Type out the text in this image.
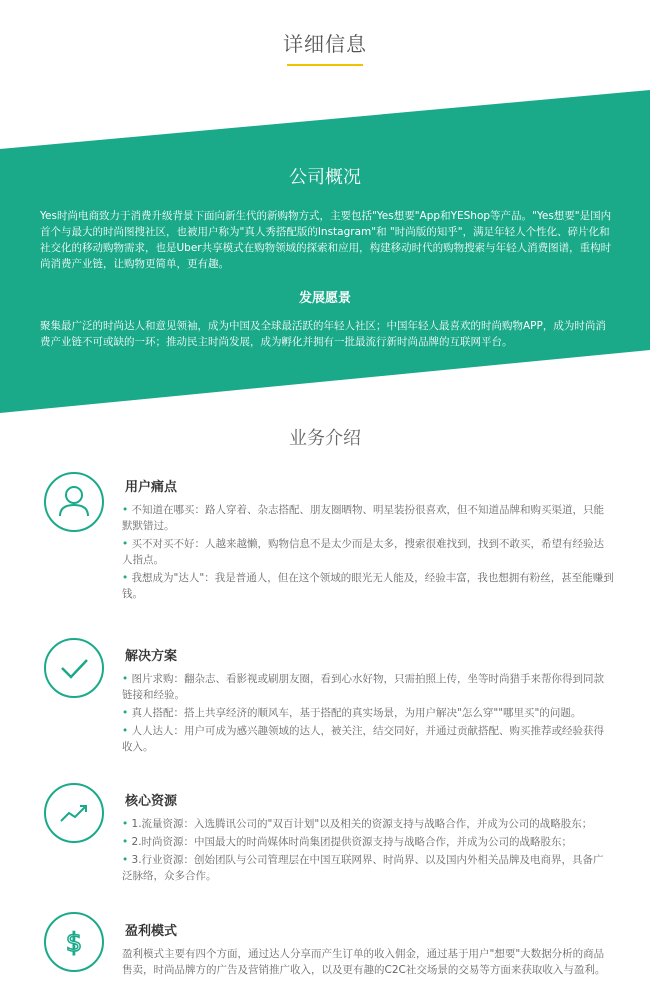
详细信息
公司概况
Yes时尚电商致力于消费升级背景下面向新生代的新购物方式，主要包括"Yes想要"App和YEShop等产品。"Yes想要"是国内首个与最大的时尚图搜社区，也被用户称为"真人秀搭配版的Instagram"和 "时尚版的知乎"，满足年轻人个性化、碎片化和社交化的移动购物需求，也是Uber共享模式在购物领域的探索和应用，构建移动时代的购物搜索与年轻人消费图谱，重构时尚消费产业链，让购物更简单，更有趣。
发展愿景
聚集最广泛的时尚达人和意见领袖，成为中国及全球最活跃的年轻人社区；中国年轻人最喜欢的时尚购物APP，成为时尚消费产业链不可或缺的一环；推动民主时尚发展，成为孵化并拥有一批最流行新时尚品牌的互联网平台。
业务介绍
用户痛点
• 不知道在哪买：路人穿着、杂志搭配、朋友圈晒物、明星装扮很喜欢，但不知道品牌和购买渠道，只能默默错过。
• 买不对买不好：人越来越懒，购物信息不是太少而是太多，搜索很难找到，找到不敢买，希望有经验达人指点。
• 我想成为"达人"：我是普通人，但在这个领域的眼光无人能及，经验丰富，我也想拥有粉丝，甚至能赚到钱。
解决方案
• 图片求购：翻杂志、看影视或刷朋友圈，看到心水好物，只需拍照上传，坐等时尚猎手来帮你得到同款链接和经验。
• 真人搭配：搭上共享经济的顺风车，基于搭配的真实场景，为用户解决"怎么穿""哪里买"的问题。
• 人人达人：用户可成为感兴趣领域的达人，被关注，结交同好，并通过贡献搭配、购买推荐或经验获得收入。
核心资源
• 1.流量资源：入选腾讯公司的"双百计划"以及相关的资源支持与战略合作，并成为公司的战略股东；
• 2.时尚资源：中国最大的时尚媒体时尚集团提供资源支持与战略合作，并成为公司的战略股东；
• 3.行业资源：创始团队与公司管理层在中国互联网界、时尚界、以及国内外相关品牌及电商界，具备广泛脉络，众多合作。
$	盈利模式
盈利模式主要有四个方面，通过达人分享而产生订单的收入佣金，通过基于用户"想要"大数据分析的商品售卖，时尚品牌方的广告及营销推广收入，以及更有趣的C2C社交场景的交易等方面来获取收入与盈利。
